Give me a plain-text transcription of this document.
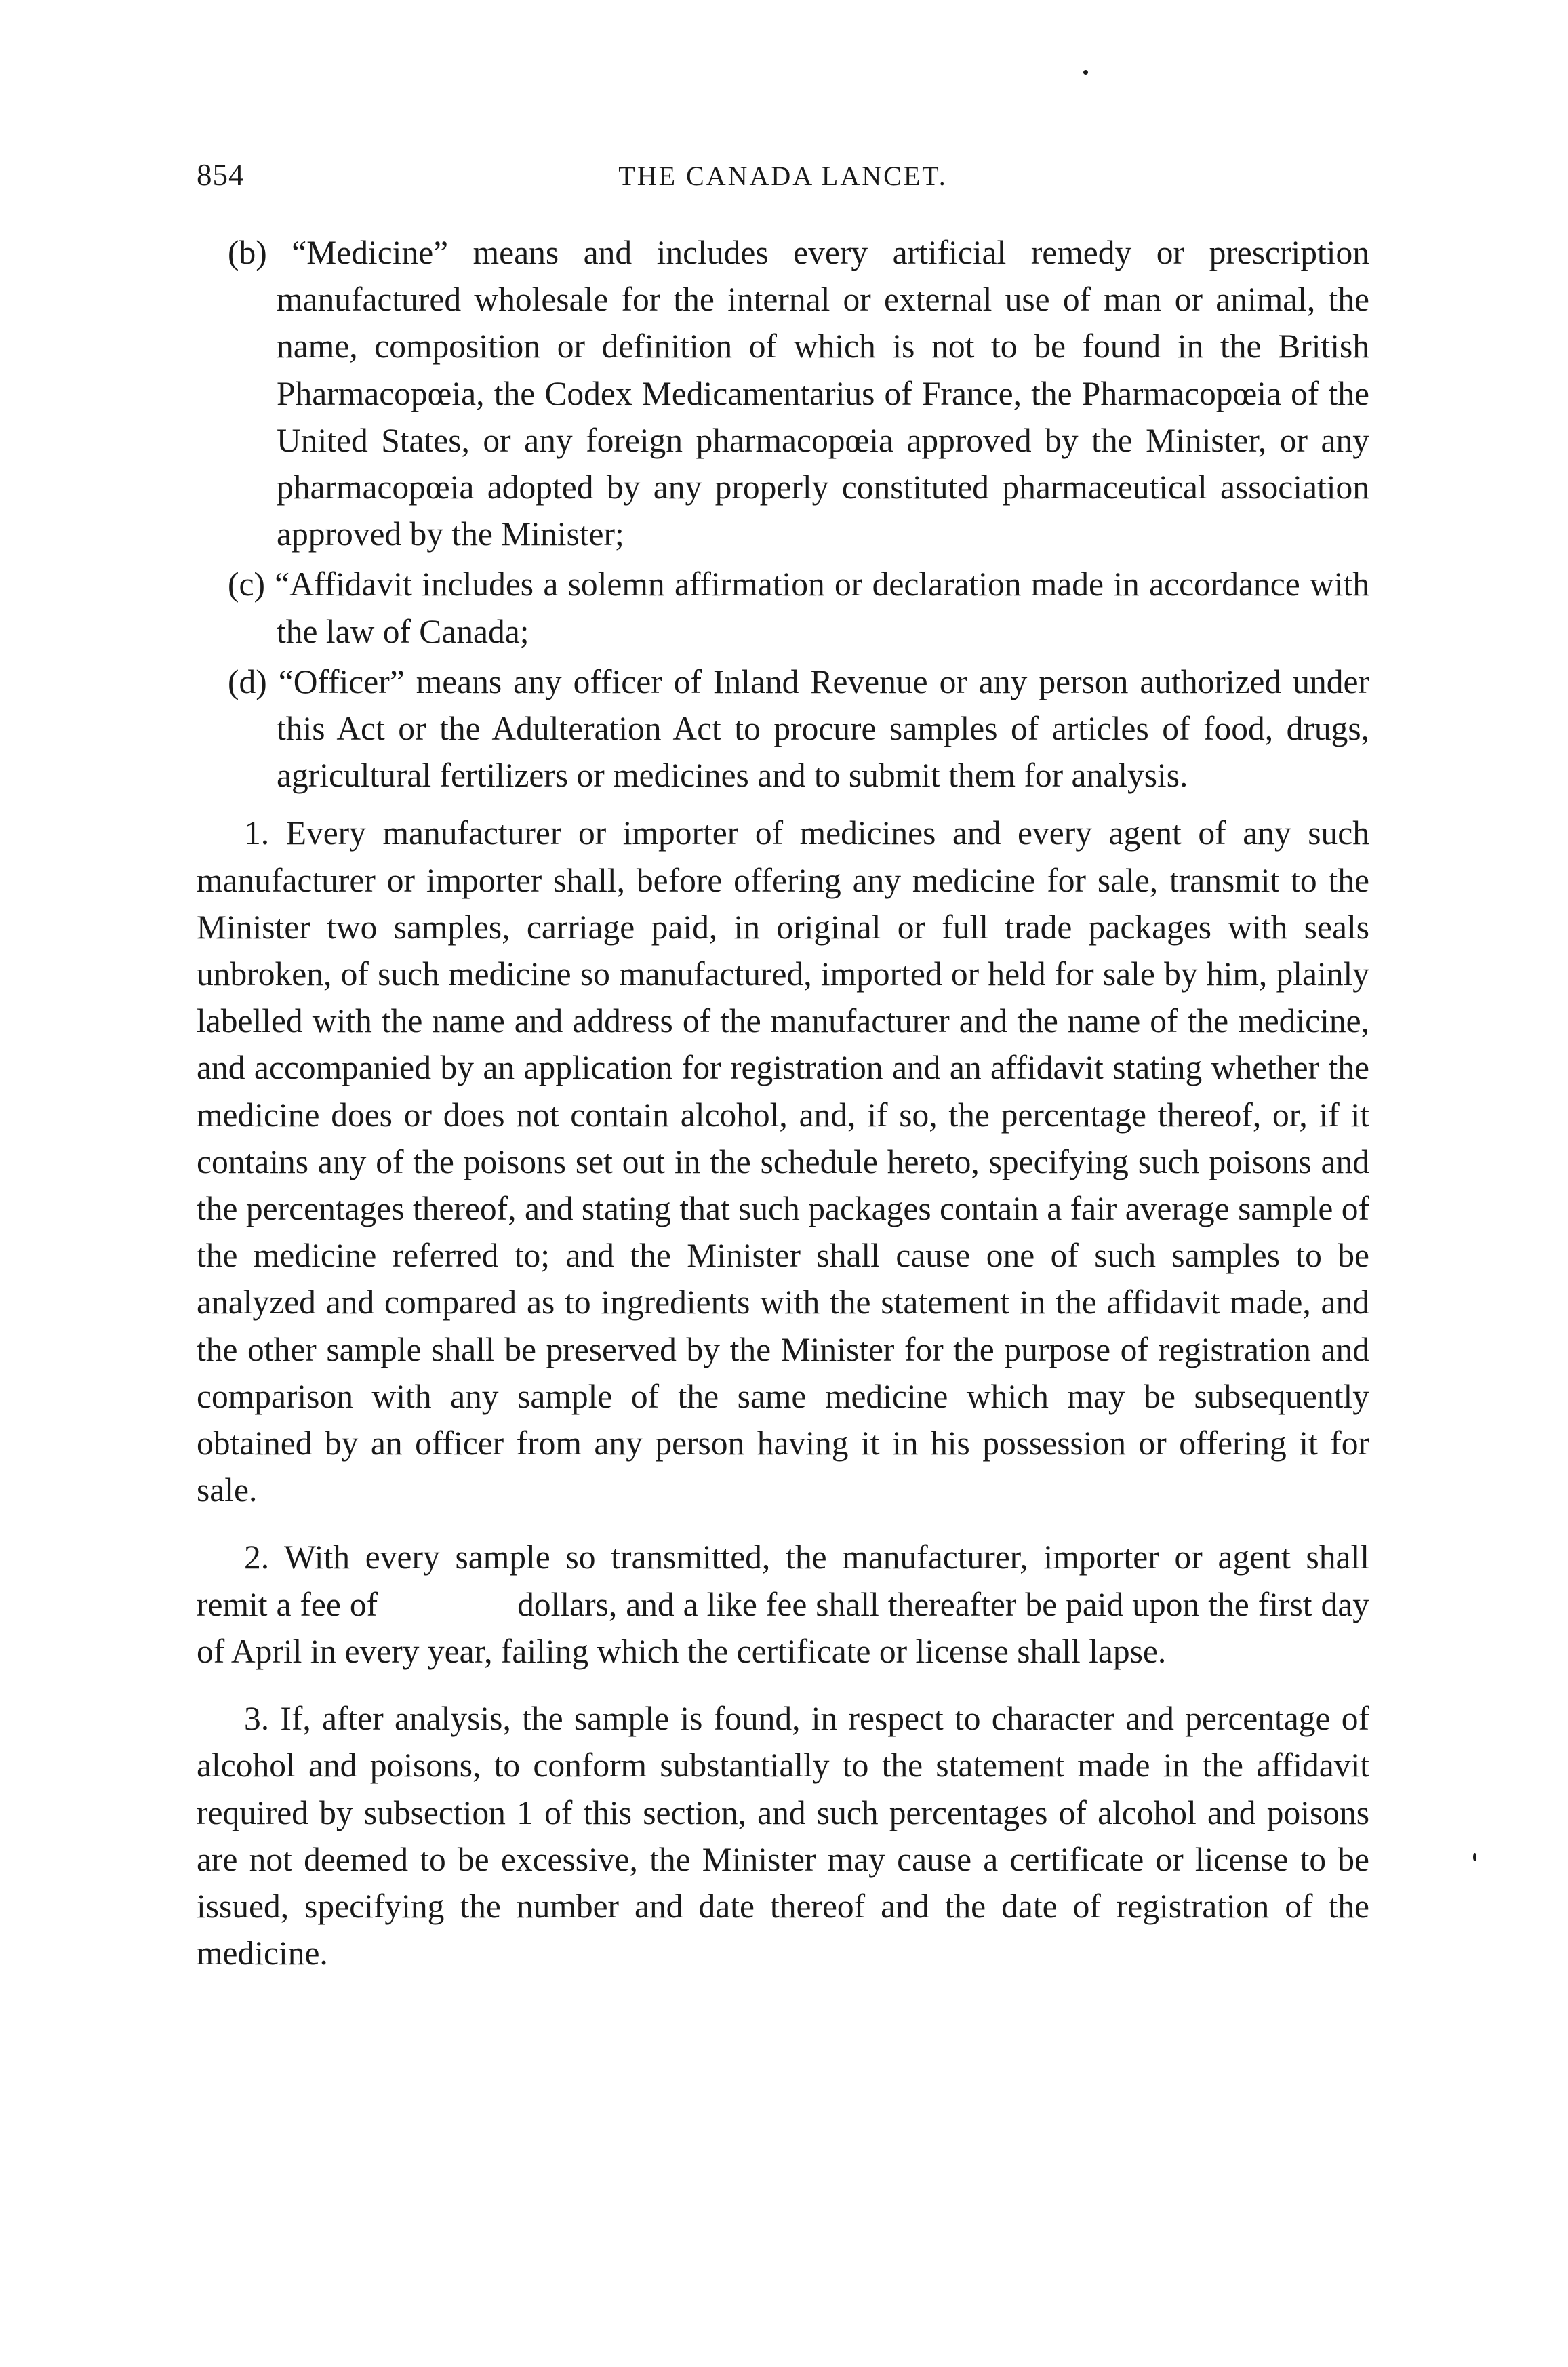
854	THE CANADA LANCET.

(b) “Medicine” means and includes every artificial remedy or prescription manufactured wholesale for the internal or external use of man or animal, the name, composition or definition of which is not to be found in the British Pharmacopœia, the Codex Medicamentarius of France, the Pharmacopœia of the United States, or any foreign pharmacopœia approved by the Minister, or any pharmacopœia adopted by any properly constituted pharmaceutical association approved by the Minister;

(c) “Affidavit includes a solemn affirmation or declaration made in accordance with the law of Canada;

(d) “Officer” means any officer of Inland Revenue or any person authorized under this Act or the Adulteration Act to procure samples of articles of food, drugs, agricultural fertilizers or medicines and to submit them for analysis.

1. Every manufacturer or importer of medicines and every agent of any such manufacturer or importer shall, before offering any medicine for sale, transmit to the Minister two samples, carriage paid, in original or full trade packages with seals unbroken, of such medicine so manufactured, imported or held for sale by him, plainly labelled with the name and address of the manufacturer and the name of the medicine, and accompanied by an application for registration and an affidavit stating whether the medicine does or does not contain alcohol, and, if so, the percentage thereof, or, if it contains any of the poisons set out in the schedule hereto, specifying such poisons and the percentages thereof, and stating that such packages contain a fair average sample of the medicine referred to; and the Minister shall cause one of such samples to be analyzed and compared as to ingredients with the statement in the affidavit made, and the other sample shall be preserved by the Minister for the purpose of registration and comparison with any sample of the same medicine which may be subsequently obtained by an officer from any person having it in his possession or offering it for sale.

2. With every sample so transmitted, the manufacturer, importer or agent shall remit a fee of	dollars, and a like fee shall thereafter be paid upon the first day of April in every year, failing which the certificate or license shall lapse.

3. If, after analysis, the sample is found, in respect to character and percentage of alcohol and poisons, to conform substantially to the statement made in the affidavit required by subsection 1 of this section, and such percentages of alcohol and poisons are not deemed to be excessive, the Minister may cause a certificate or license to be issued, specifying the number and date thereof and the date of registration of the medicine.
